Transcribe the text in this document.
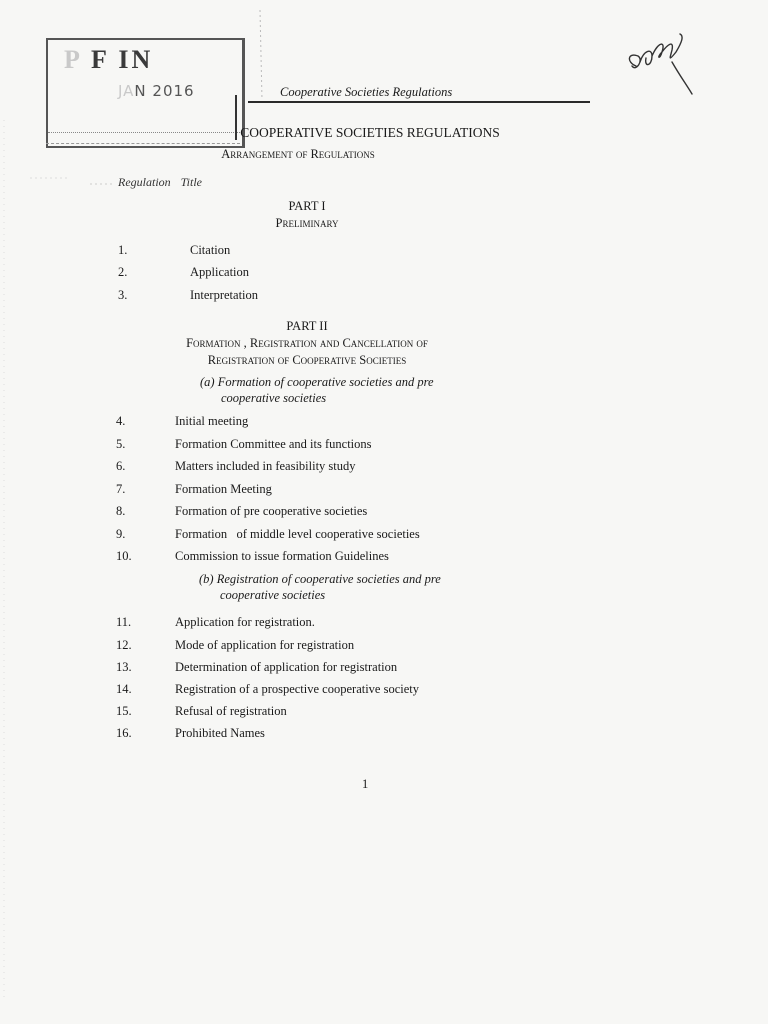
P F IN
JAN 2016	Cooperative Societies Regulations
COOPERATIVE SOCIETIES REGULATIONS
Arrangement of Regulations
Regulation Title
PART I
Preliminary
1.	Citation
2.	Application
3.	Interpretation
PART II
Formation , Registration and Cancellation of
Registration of Cooperative Societies
(a) Formation of cooperative societies and pre
cooperative societies
4.	Initial meeting
5.	Formation Committee and its functions
6.	Matters included in feasibility study
7.	Formation Meeting
8.	Formation of pre cooperative societies
9.	Formation   of middle level cooperative societies
10.	Commission to issue formation Guidelines
(b) Registration of cooperative societies and pre
cooperative societies
11.	Application for registration.
12.	Mode of application for registration
13.	Determination of application for registration
14.	Registration of a prospective cooperative society
15.	Refusal of registration
16.	Prohibited Names
1
